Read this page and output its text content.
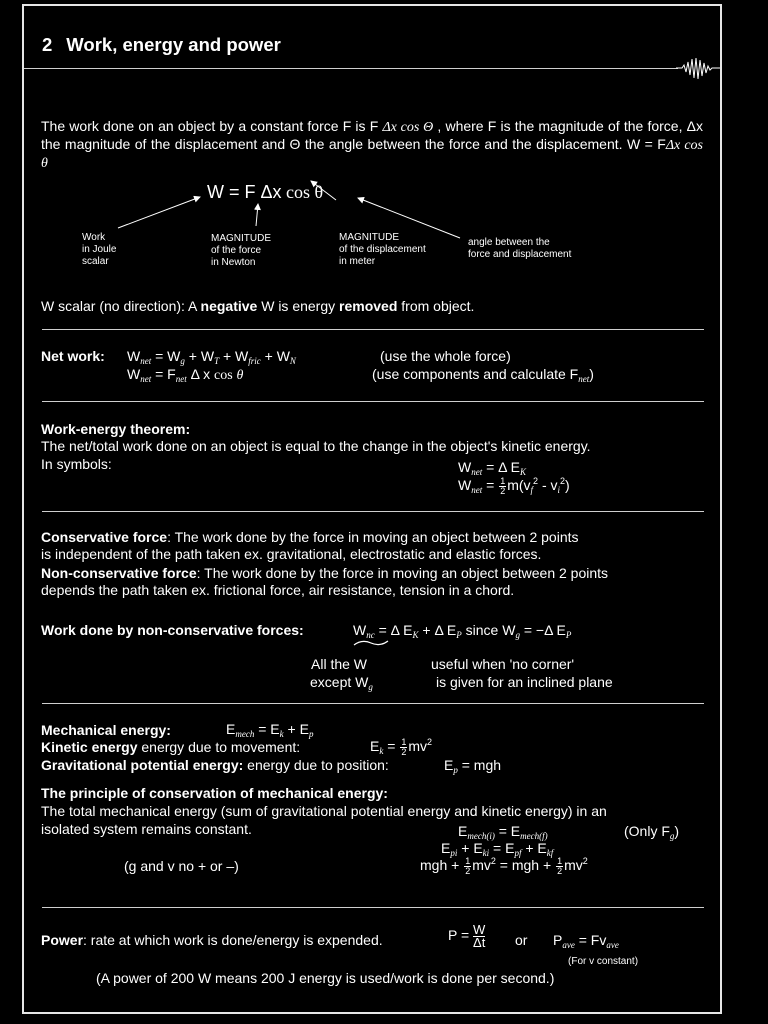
2 Work, energy and power
The work done on an object by a constant force F is F Δx cos Θ , where F is the magnitude of the force, Δx the magnitude of the displacement and Θ the angle between the force and the displacement. W = FΔx cos θ
W = F Δx cos θ
Work
in Joule
scalar
MAGNITUDE
of the force
in Newton
MAGNITUDE
of the displacement
in meter
angle between the
force and displacement
W scalar (no direction): A negative W is energy removed from object.
Net work: $W_{net} = W_g + W_T + W_{fric} + W_N$	(use the whole force)
$W_{net} = F_{net}$ Δ x cos θ	(use components and calculate $F_{net}$)
Work-energy theorem:
The net/total work done on an object is equal to the change in the object's kinetic energy.
In symbols:	$W_{net} = \Delta$ $E_K$
$W_{net} = \frac{1}{2} m(v_f^2 - v_i^2)$
Conservative force: The work done by the force in moving an object between 2 points
is independent of the path taken ex. gravitational, electrostatic and elastic forces.
Non-conservative force: The work done by the force in moving an object between 2 points
depends the path taken ex. frictional force, air resistance, tension in a chord.
Work done by non-conservative forces:	$W_{nc} = \Delta$ $E_K + \Delta$ $E_P$ since $W_g = -\Delta$ $E_P$
All the W
except $W_g$
useful when 'no corner'
is given for an inclined plane
Mechanical energy:	$E_{mech} = E_k + E_p$
Kinetic energy energy due to movement:	$E_k = \frac{1}{2} mv^2$
Gravitational potential energy: energy due to position:	$E_p$ = mgh
The principle of conservation of mechanical energy:
The total mechanical energy (sum of gravitational potential energy and kinetic energy) in an
isolated system remains constant.	$E_{mech(i)} = E_{mech(f)}$	(Only $F_g$)
$E_{pi} + E_{ki} = E_{pf} + E_{kf}$
(g and v no + or –)	mgh + $\frac{1}{2} mv^2$ = mgh + $\frac{1}{2} mv^2$
Power: rate at which work is done/energy is expended.	$P = \frac{W}{\Delta t}$ or $P_{ave} = Fv_{ave}$
(For v constant)
(A power of 200 W means 200 J energy is used/work is done per second.)
